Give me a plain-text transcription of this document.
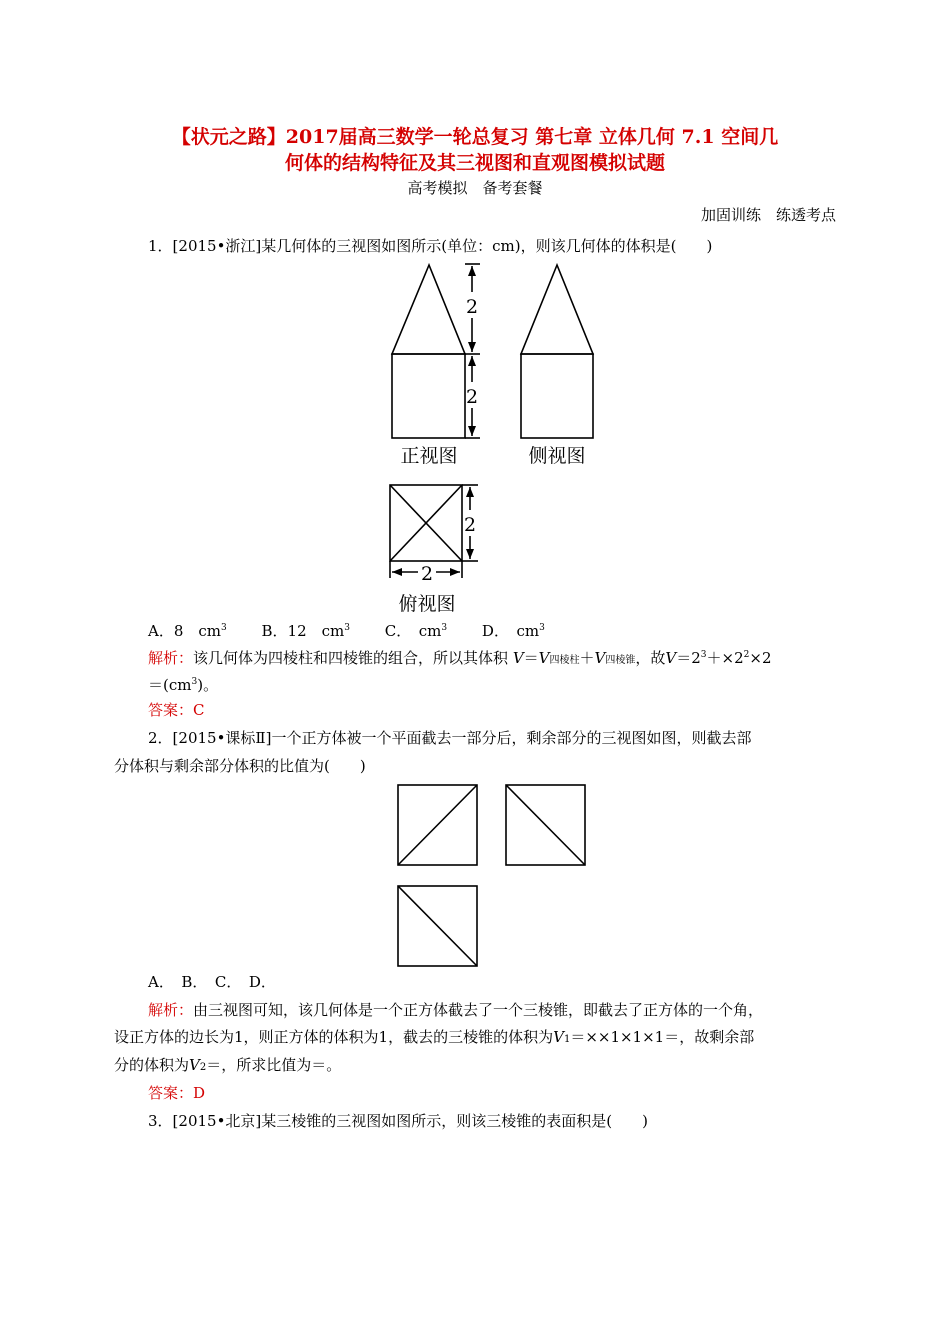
【状元之路】2017届高三数学一轮总复习 第七章 立体几何 7.1 空间几
何体的结构特征及其三视图和直观图模拟试题
高考模拟　备考套餐
加固训练　练透考点
1．[2015•浙江]某几何体的三视图如图所示(单位：cm)，则该几何体的体积是(　　)
2
2
2
2
正视图	侧视图
俯视图
A．8　$cm^3$　　 B．12　$cm^3$　　 C．　$cm^3$　　 D．　$cm^3$
解析：该几何体为四棱柱和四棱锥的组合，所以其体积 V＝V四棱柱＋V四棱锥，故$V=2^3+\times 2^2\times 2$
$=(cm^3)$。
答案：C
2．[2015•课标Ⅱ]一个正方体被一个平面截去一部分后，剩余部分的三视图如图，则截去部
分体积与剩余部分体积的比值为(　　)
A．　B．　C．　D．
解析：由三视图可知，该几何体是一个正方体截去了一个三棱锥，即截去了正方体的一个角，
设正方体的边长为1，则正方体的体积为1，截去的三棱锥的体积为V1＝××1×1×1＝，故剩余部
分的体积为V2＝，所求比值为＝。
答案：D
3．[2015•北京]某三棱锥的三视图如图所示，则该三棱锥的表面积是(　　)
